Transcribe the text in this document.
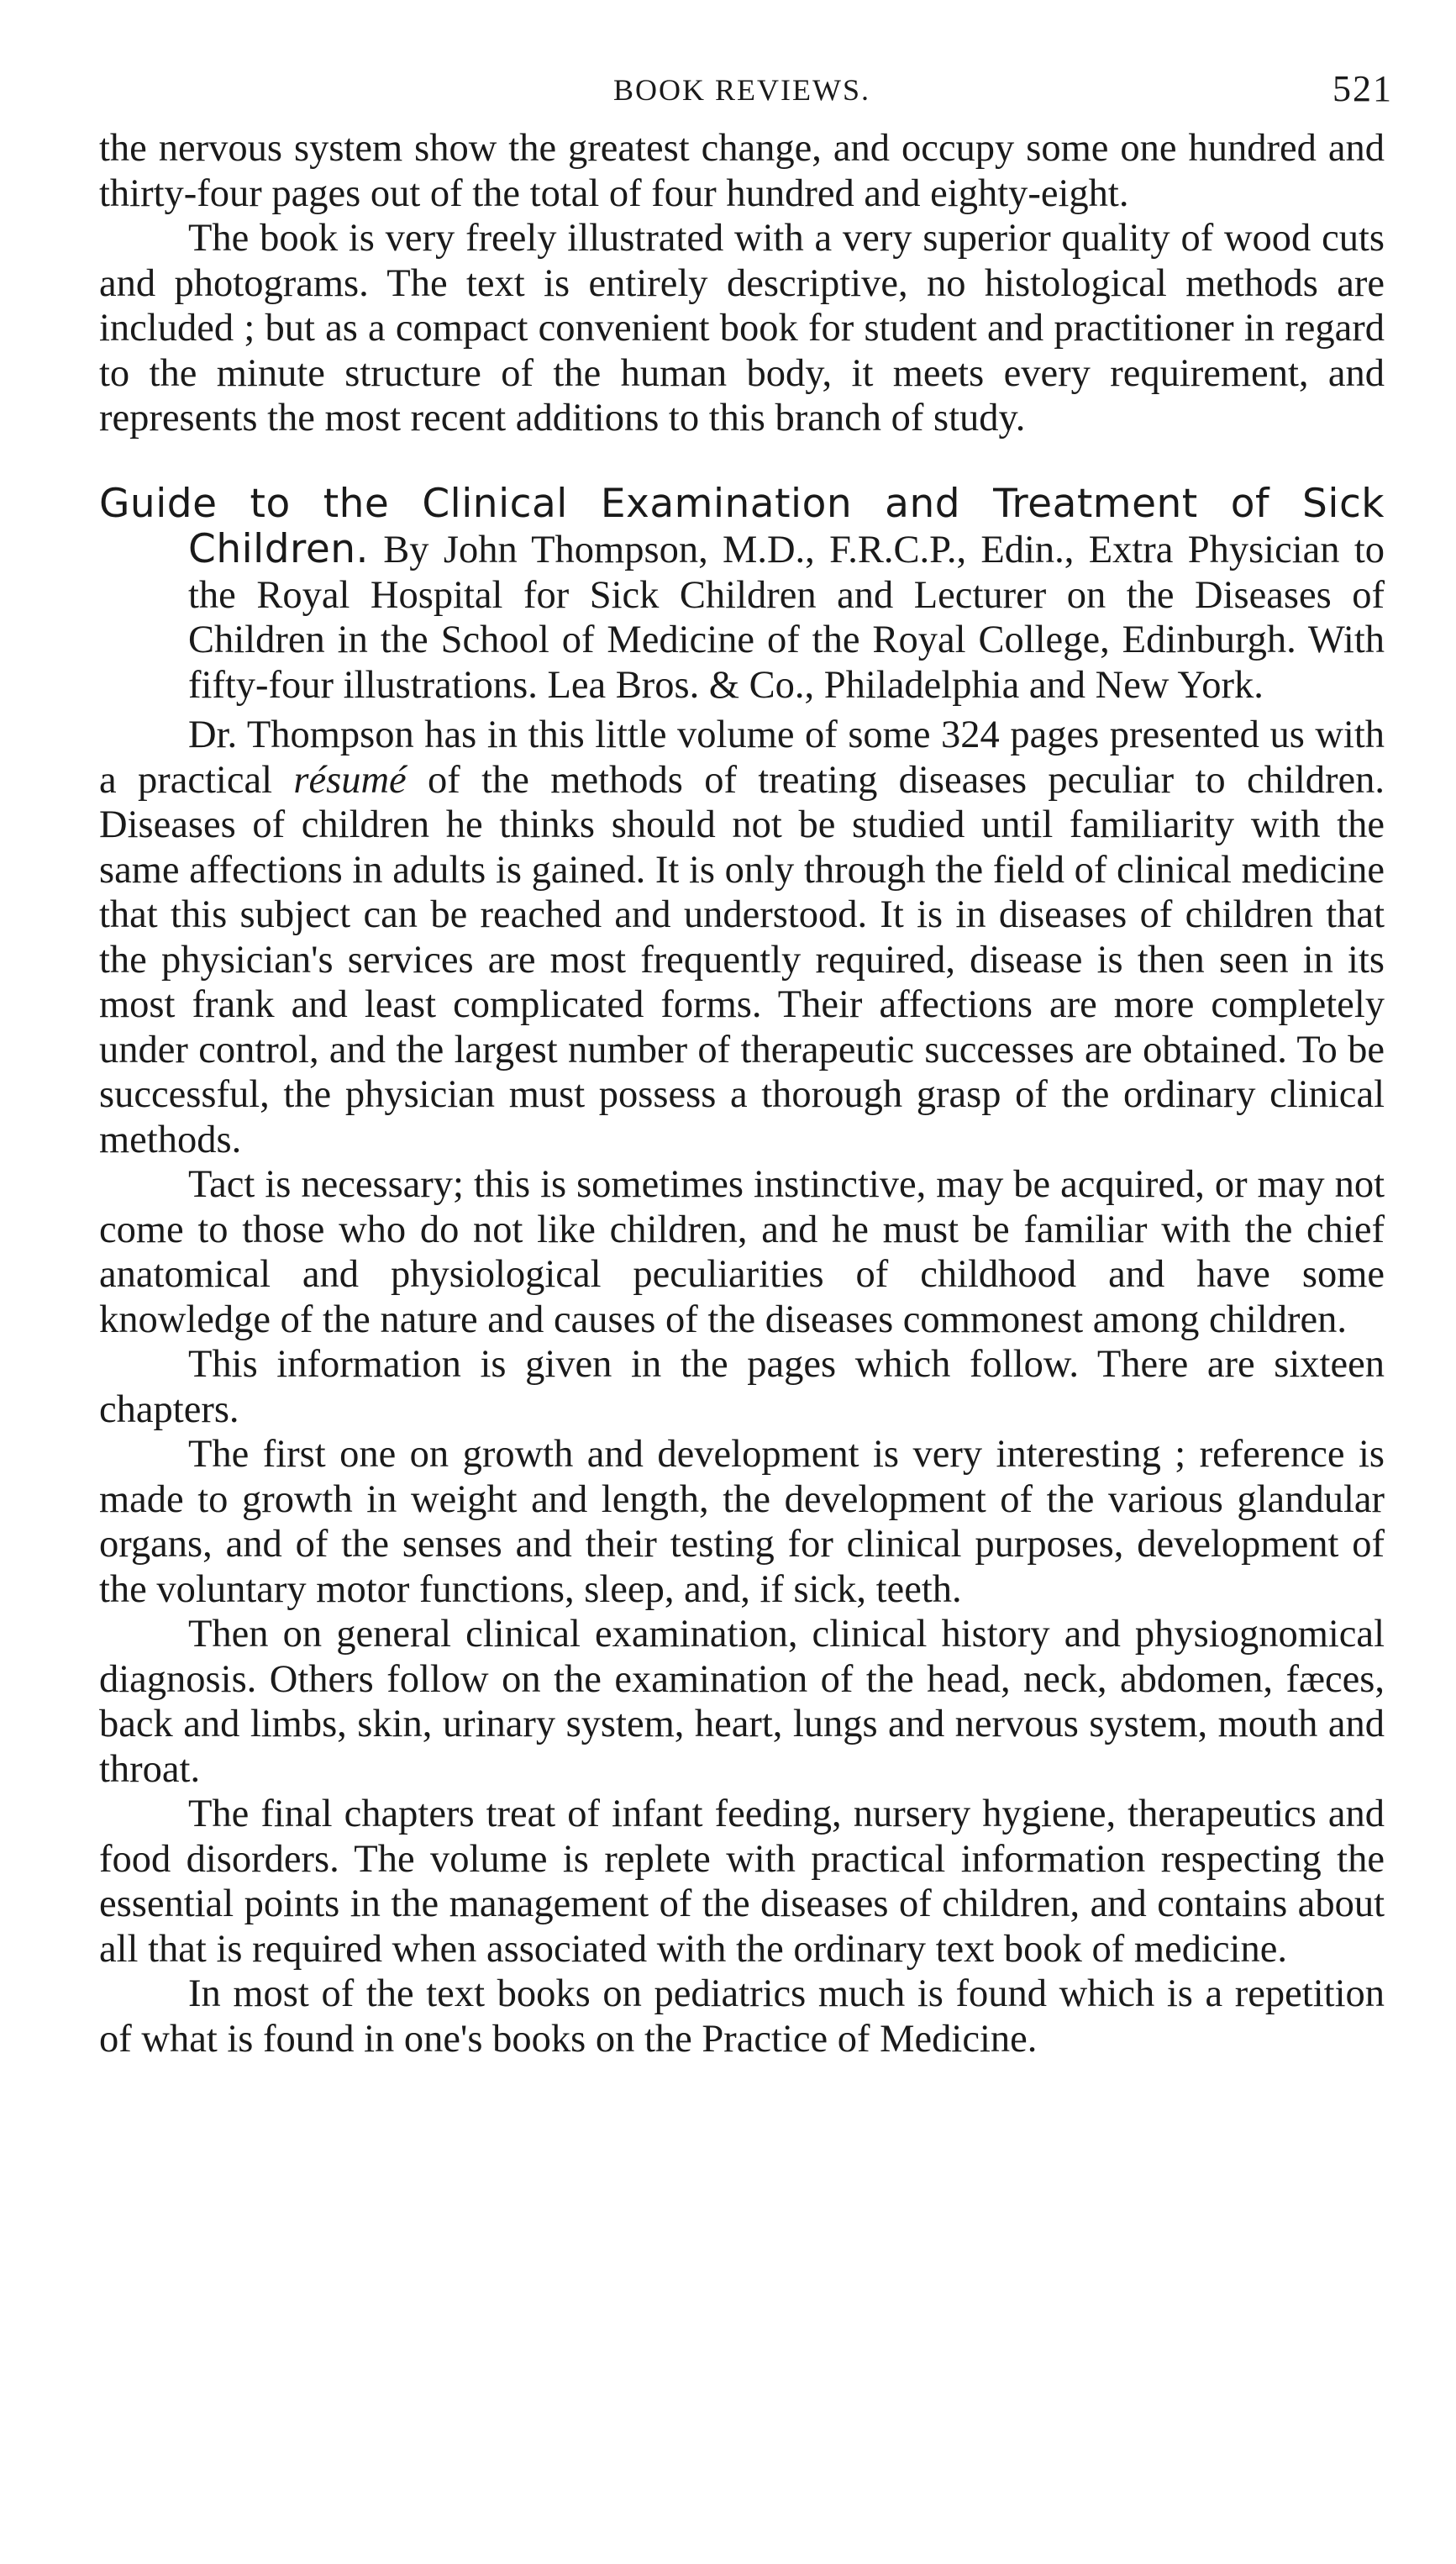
BOOK REVIEWS.	521

the nervous system show the greatest change, and occupy some one hundred and thirty-four pages out of the total of four hundred and eighty-eight.

The book is very freely illustrated with a very superior quality of wood cuts and photograms. The text is entirely descriptive, no histological methods are included ; but as a compact convenient book for student and practitioner in regard to the minute structure of the human body, it meets every requirement, and represents the most recent additions to this branch of study.

Guide to the Clinical Examination and Treatment of Sick Children. By John Thompson, M.D., F.R.C.P., Edin., Extra Physician to the Royal Hospital for Sick Children and Lecturer on the Diseases of Children in the School of Medicine of the Royal College, Edinburgh. With fifty-four illustrations. Lea Bros. & Co., Philadelphia and New York.

Dr. Thompson has in this little volume of some 324 pages presented us with a practical résumé of the methods of treating diseases peculiar to children. Diseases of children he thinks should not be studied until familiarity with the same affections in adults is gained. It is only through the field of clinical medicine that this subject can be reached and understood. It is in diseases of children that the physician's services are most frequently required, disease is then seen in its most frank and least complicated forms. Their affections are more completely under control, and the largest number of therapeutic successes are obtained. To be successful, the physician must possess a thorough grasp of the ordinary clinical methods.

Tact is necessary; this is sometimes instinctive, may be acquired, or may not come to those who do not like children, and he must be familiar with the chief anatomical and physiological peculiarities of childhood and have some knowledge of the nature and causes of the diseases commonest among children.

This information is given in the pages which follow. There are sixteen chapters.

The first one on growth and development is very interesting ; reference is made to growth in weight and length, the development of the various glandular organs, and of the senses and their testing for clinical purposes, development of the voluntary motor functions, sleep, and, if sick, teeth.

Then on general clinical examination, clinical history and physiognomical diagnosis. Others follow on the examination of the head, neck, abdomen, fæces, back and limbs, skin, urinary system, heart, lungs and nervous system, mouth and throat.

The final chapters treat of infant feeding, nursery hygiene, therapeutics and food disorders. The volume is replete with practical information respecting the essential points in the management of the diseases of children, and contains about all that is required when associated with the ordinary text book of medicine.

In most of the text books on pediatrics much is found which is a repetition of what is found in one's books on the Practice of Medicine.
